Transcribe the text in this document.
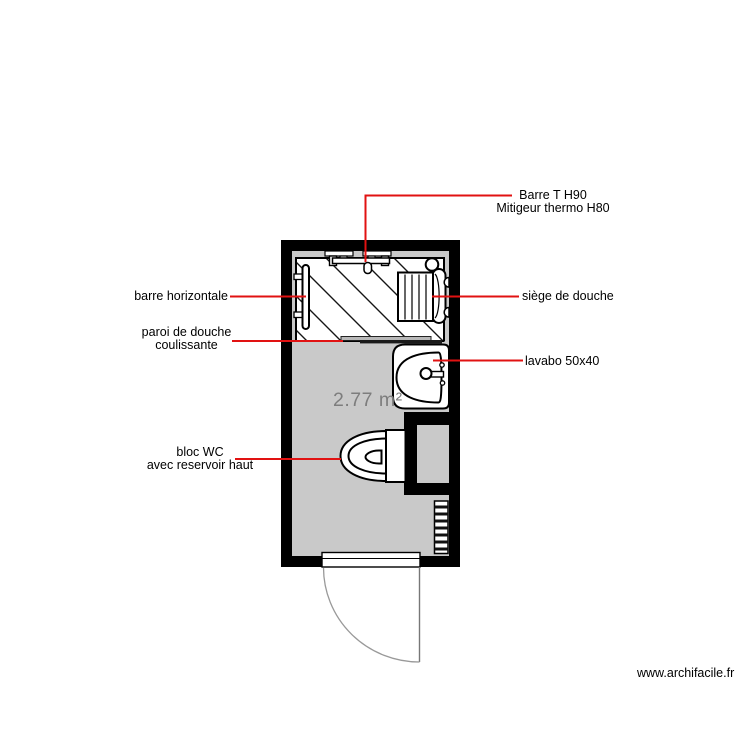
Barre T H90
Mitigeur thermo H80
barre horizontale
paroi de douche
coulissante
siège de douche
lavabo 50x40
bloc WC
avec reservoir haut
2.77 m²
www.archifacile.fr
